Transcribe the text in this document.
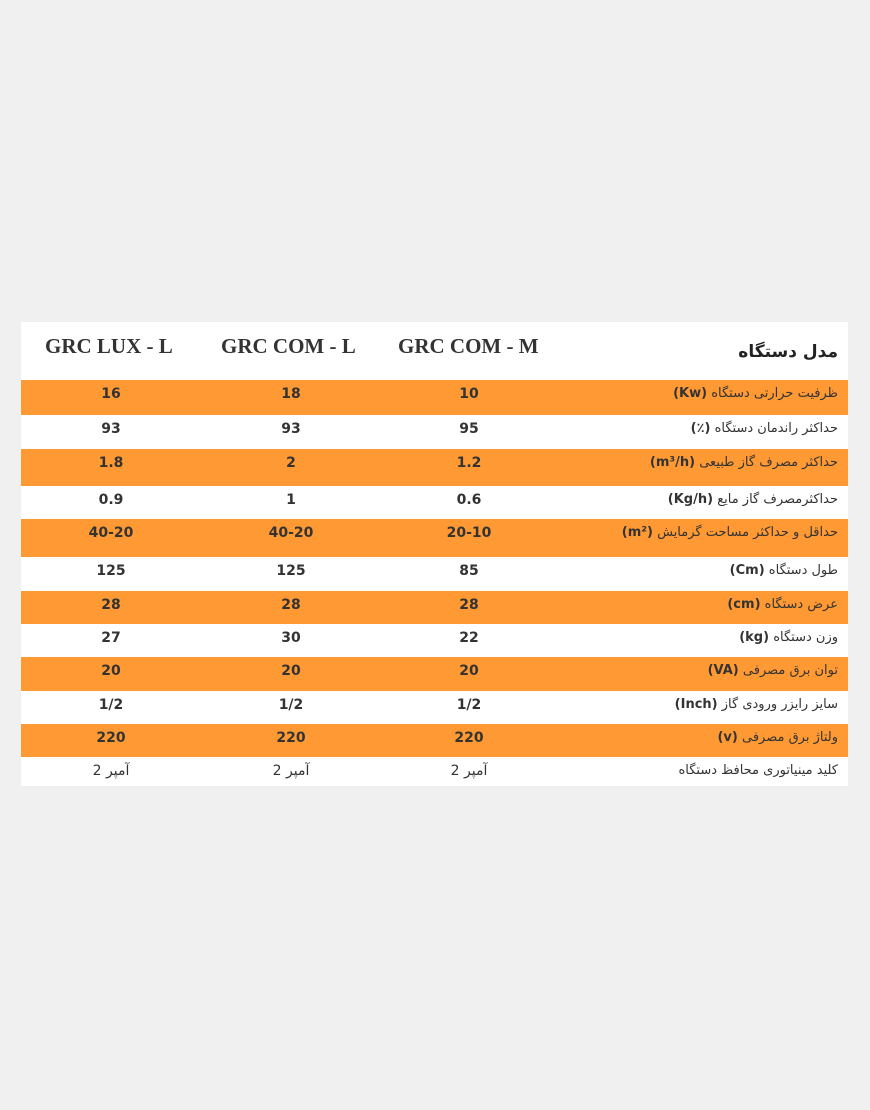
GRC LUX - L GRC COM - L GRC COM - M	مدل دستگاه
16	18	10	ظرفیت حرارتی دستگاه (Kw)
93	93	95	حداکثر راندمان دستگاه (٪)
1.8	2	1.2	حداکثر مصرف گاز طبیعی (m³/h)
0.9	1	0.6	حداکثرمصرف گاز مایع (Kg/h)
40-20	40-20	20-10	حداقل و حداکثر مساحت گرمایش (m²)
125	125	85	طول دستگاه (Cm)
28	28	28	عرض دستگاه (cm)
27	30	22	وزن دستگاه (kg)
20	20	20	توان برق مصرفی (VA)
1/2	1/2	1/2	سایز رایزر ورودی گاز (Inch)
220	220	220	ولتاژ برق مصرفی (v)
2 آمپر	2 آمپر	2 آمپر	کلید مینیاتوری محافظ دستگاه
